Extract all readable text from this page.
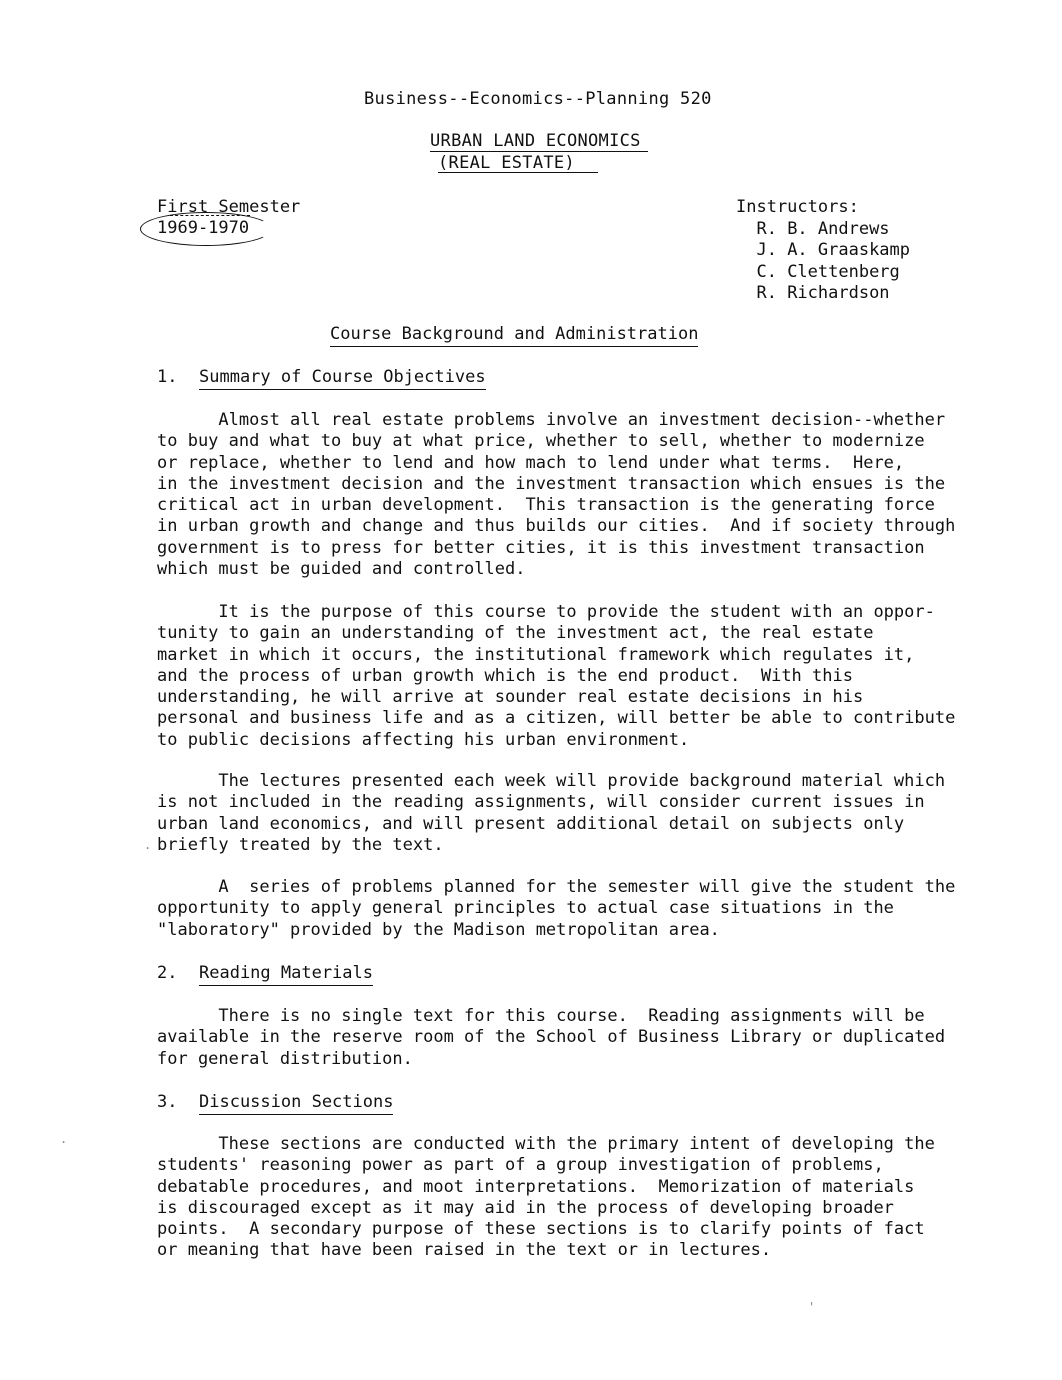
Business--Economics--Planning 520
URBAN LAND ECONOMICS
(REAL ESTATE)
First Semester
1969-1970
Instructors:
R. B. Andrews
J. A. Graaskamp
C. Clettenberg
R. Richardson
Course Background and Administration
1. Summary of Course Objectives
Almost all real estate problems involve an investment decision--whether
to buy and what to buy at what price, whether to sell, whether to modernize
or replace, whether to lend and how mach to lend under what terms.  Here,
in the investment decision and the investment transaction which ensues is the
critical act in urban development.  This transaction is the generating force
in urban growth and change and thus builds our cities.  And if society through
government is to press for better cities, it is this investment transaction
which must be guided and controlled.
It is the purpose of this course to provide the student with an oppor-
tunity to gain an understanding of the investment act, the real estate
market in which it occurs, the institutional framework which regulates it,
and the process of urban growth which is the end product.  With this
understanding, he will arrive at sounder real estate decisions in his
personal and business life and as a citizen, will better be able to contribute
to public decisions affecting his urban environment.
The lectures presented each week will provide background material which
is not included in the reading assignments, will consider current issues in
urban land economics, and will present additional detail on subjects only
briefly treated by the text.
A  series of problems planned for the semester will give the student the
opportunity to apply general principles to actual case situations in the
"laboratory" provided by the Madison metropolitan area.
2. Reading Materials
There is no single text for this course.  Reading assignments will be
available in the reserve room of the School of Business Library or duplicated
for general distribution.
3. Discussion Sections
These sections are conducted with the primary intent of developing the
students' reasoning power as part of a group investigation of problems,
debatable procedures, and moot interpretations.  Memorization of materials
is discouraged except as it may aid in the process of developing broader
points.  A secondary purpose of these sections is to clarify points of fact
or meaning that have been raised in the text or in lectures.
.
'
.
